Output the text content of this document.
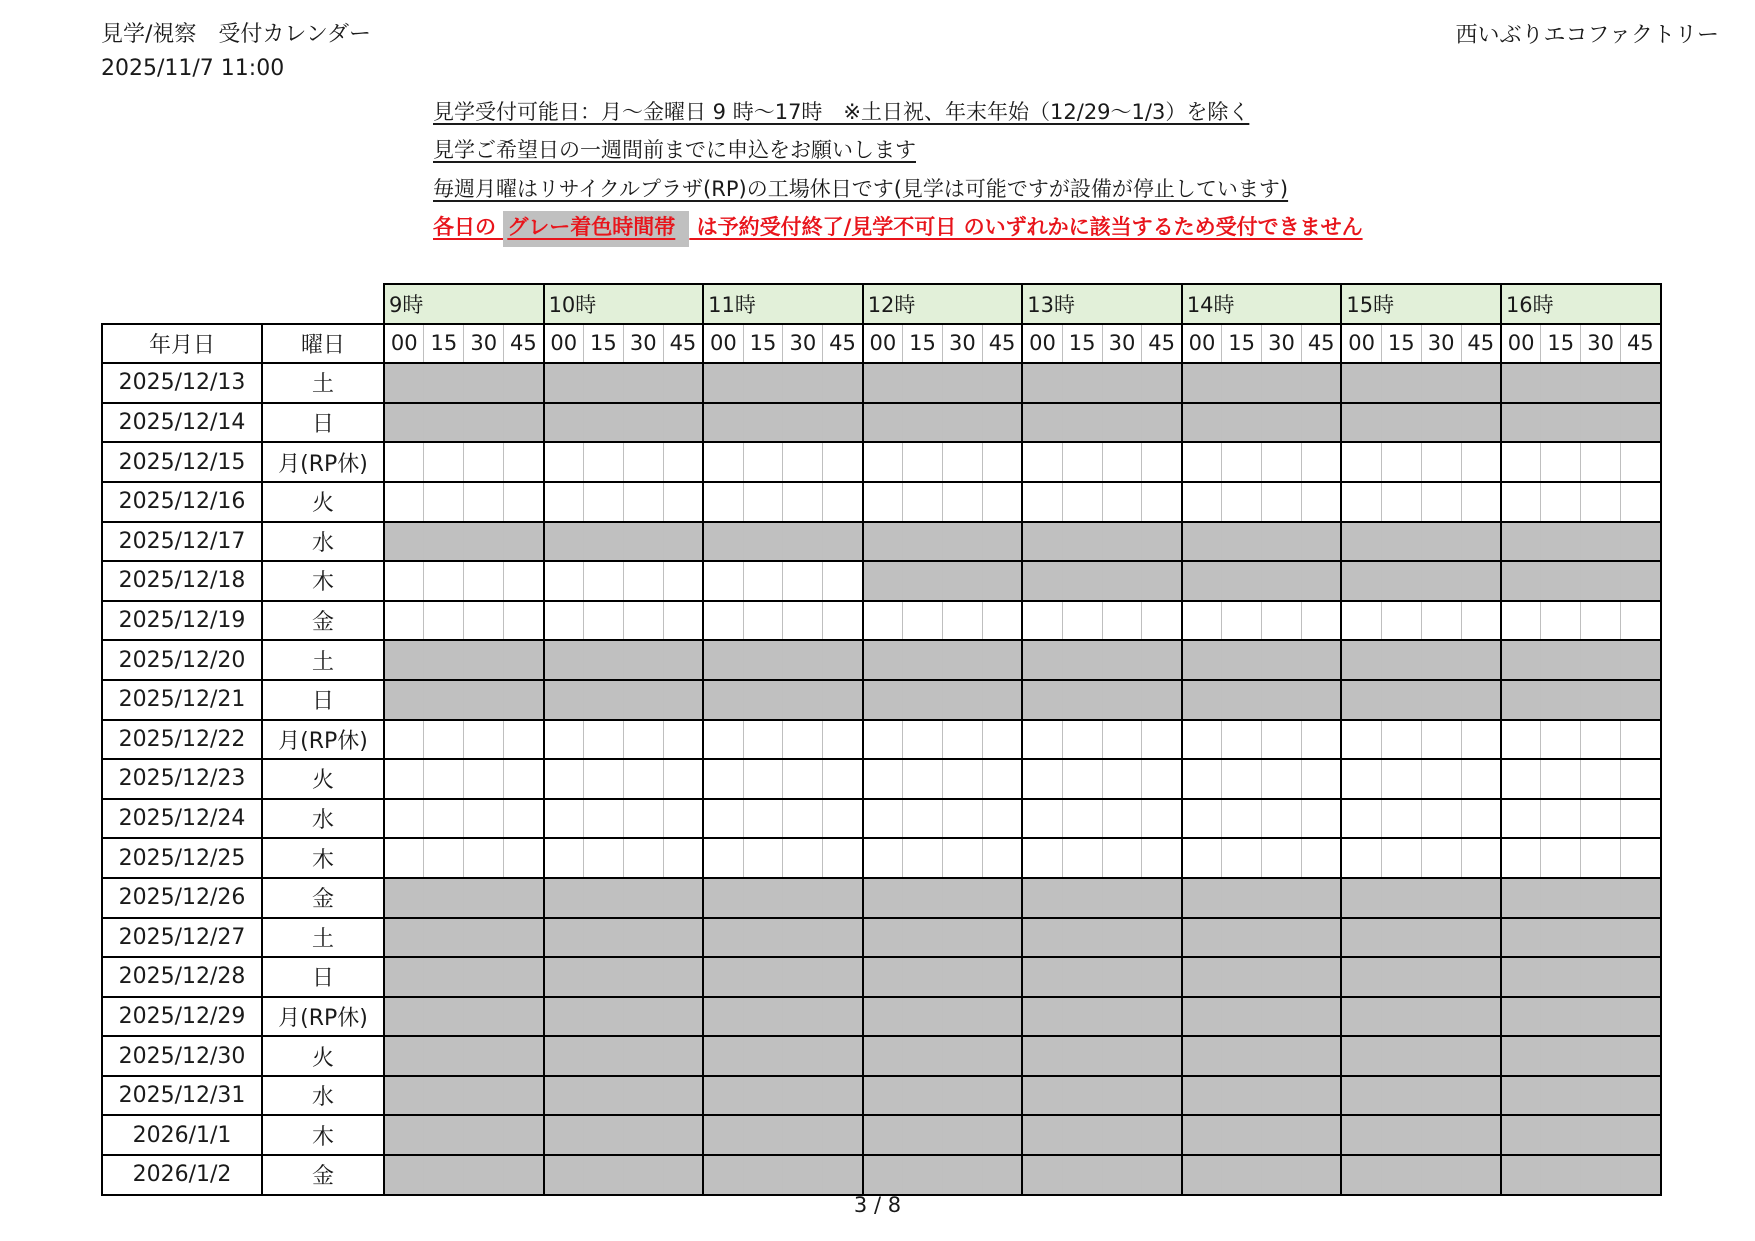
見学/視察　受付カレンダー
2025/11/7 11:00
西いぶりエコファクトリー
見学受付可能日：月～金曜日 9 時～17時　※土日祝、年末年始（12/29～1/3）を除く
見学ご希望日の一週間前までに申込をお願いします
毎週月曜はリサイクルプラザ(RP)の工場休日です(見学は可能ですが設備が停止しています)
各日の グレー着色時間帯 は予約受付終了/見学不可日 のいずれかに該当するため受付できません
		9時				10時				11時				12時				13時				14時				15時				16時			
年月日	曜日	00	15	30	45	00	15	30	45	00	15	30	45	00	15	30	45	00	15	30	45	00	15	30	45	00	15	30	45	00	15	30	45
2025/12/13	土																																
2025/12/14	日																																
2025/12/15	月(RP休)																																
2025/12/16	火																																
2025/12/17	水																																
2025/12/18	木																																
2025/12/19	金																																
2025/12/20	土																																
2025/12/21	日																																
2025/12/22	月(RP休)																																
2025/12/23	火																																
2025/12/24	水																																
2025/12/25	木																																
2025/12/26	金																																
2025/12/27	土																																
2025/12/28	日																																
2025/12/29	月(RP休)																																
2025/12/30	火																																
2025/12/31	水																																
2026/1/1	木																																
2026/1/2	金																																
3 / 8
